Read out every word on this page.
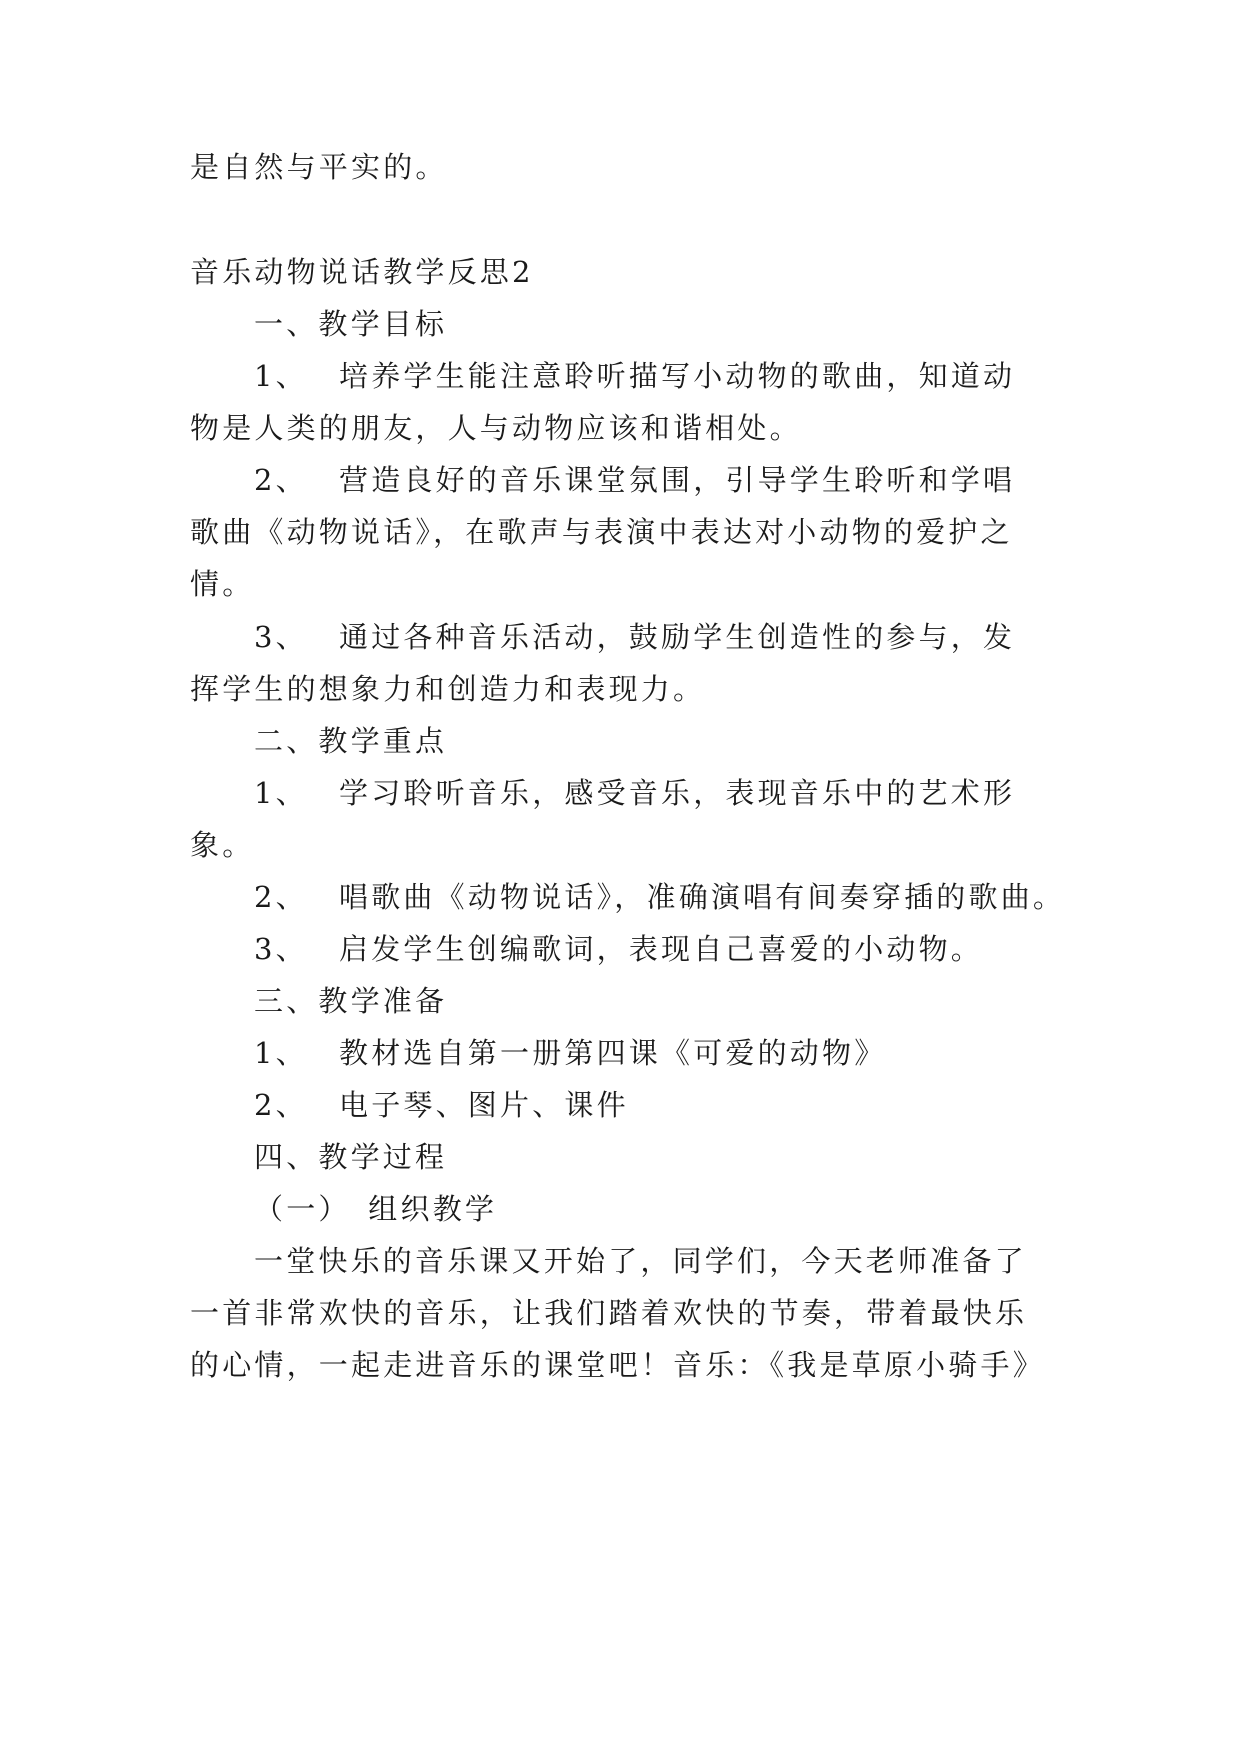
是自然与平实的。

音乐动物说话教学反思2

一、教学目标

1、 培养学生能注意聆听描写小动物的歌曲，知道动

物是人类的朋友，人与动物应该和谐相处。

2、 营造良好的音乐课堂氛围，引导学生聆听和学唱

歌曲《动物说话》，在歌声与表演中表达对小动物的爱护之

情。

3、 通过各种音乐活动，鼓励学生创造性的参与，发

挥学生的想象力和创造力和表现力。

二、教学重点

1、 学习聆听音乐，感受音乐，表现音乐中的艺术形

象。

2、 唱歌曲《动物说话》，准确演唱有间奏穿插的歌曲。

3、 启发学生创编歌词，表现自己喜爱的小动物。

三、教学准备

1、 教材选自第一册第四课《可爱的动物》

2、 电子琴、图片、课件

四、教学过程

（一）　组织教学

一堂快乐的音乐课又开始了，同学们，今天老师准备了

一首非常欢快的音乐，让我们踏着欢快的节奏，带着最快乐

的心情，一起走进音乐的课堂吧！音乐：《我是草原小骑手》
